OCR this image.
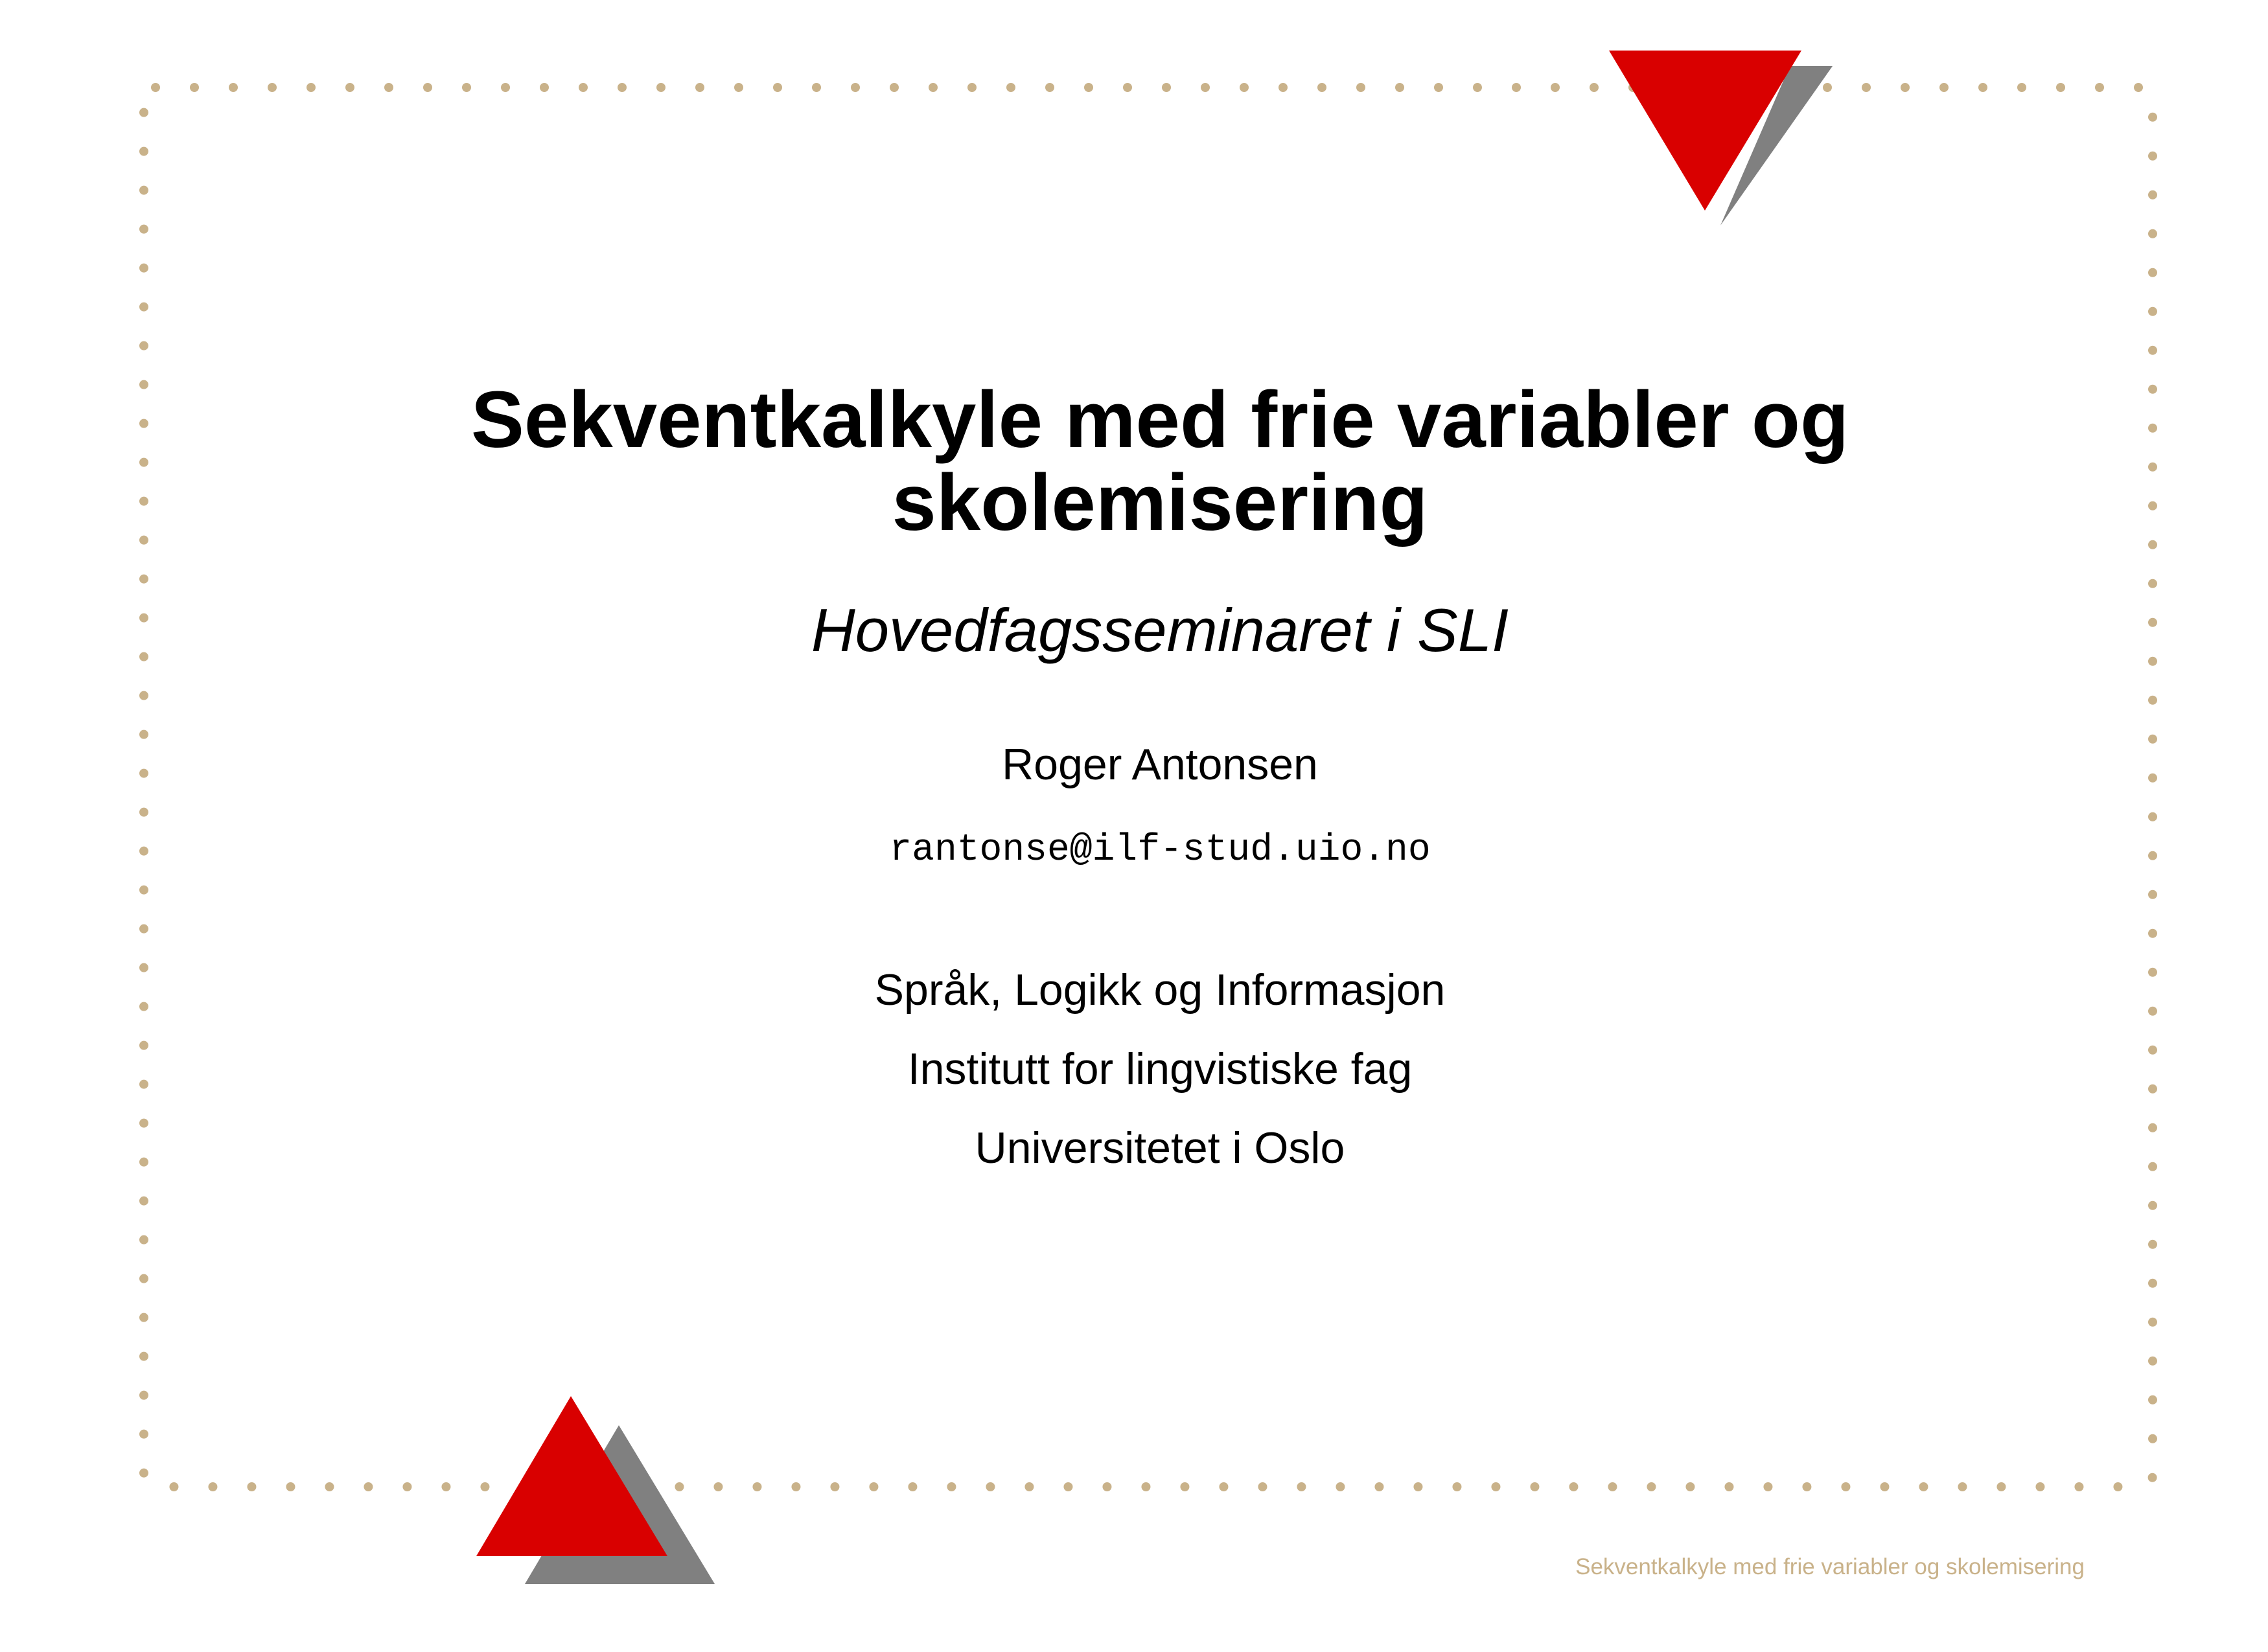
Sekventkalkyle med frie variabler og
skolemisering
Hovedfagsseminaret i SLI
Roger Antonsen
rantonse@ilf-stud.uio.no
Språk, Logikk og Informasjon
Institutt for lingvistiske fag
Universitetet i Oslo
Sekventkalkyle med frie variabler og skolemisering
